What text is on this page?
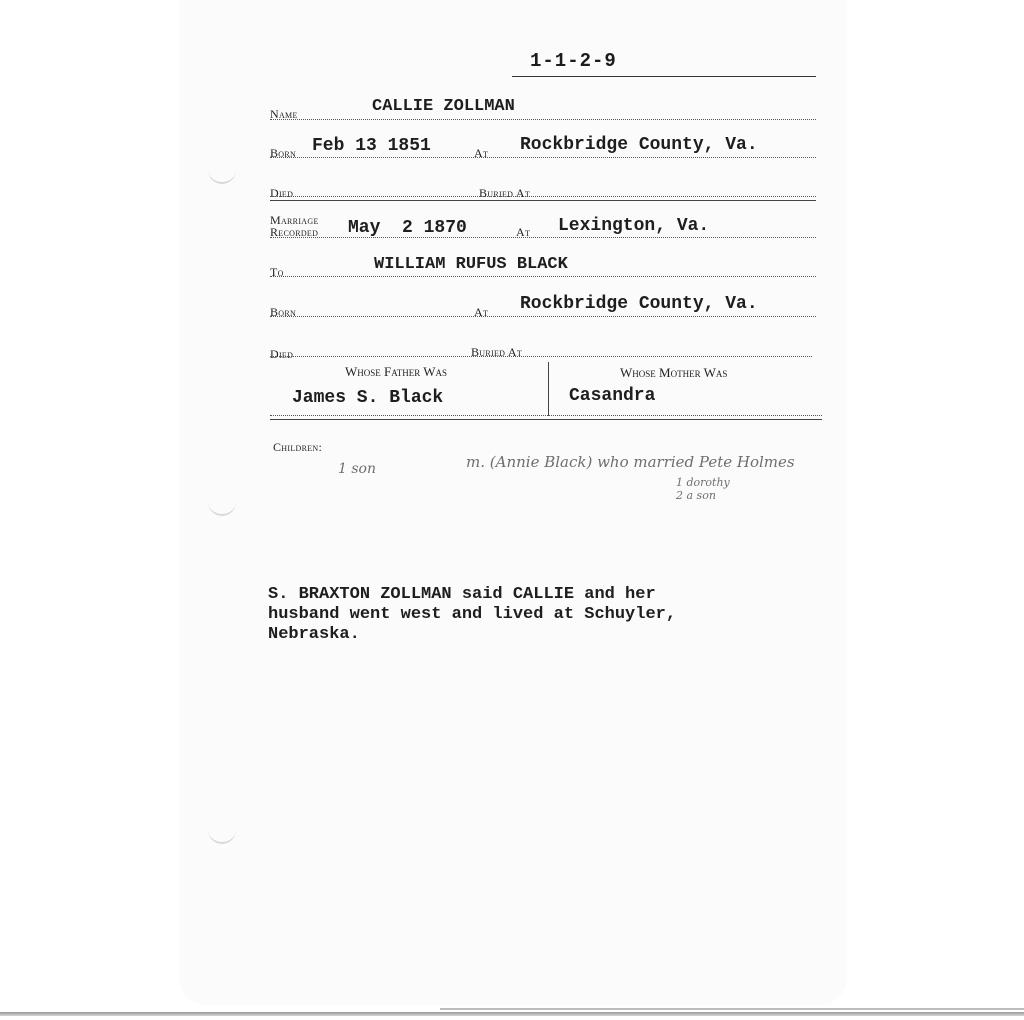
1-1-2-9
Name	CALLIE ZOLLMAN
Born Feb 13 1851	At Rockbridge County, Va.
Died	Buried At
Marriage
Recorded May  2 1870	At Lexington, Va.
To	WILLIAM RUFUS BLACK
Born	At Rockbridge County, Va.
Died	Buried At
Whose Father Was	Whose Mother Was
James S. Black	Casandra
Children:
1 son	m. (Annie Black) who married Pete Holmes
1 dorothy
2 a son
S. BRAXTON ZOLLMAN said CALLIE and her
husband went west and lived at Schuyler,
Nebraska.
